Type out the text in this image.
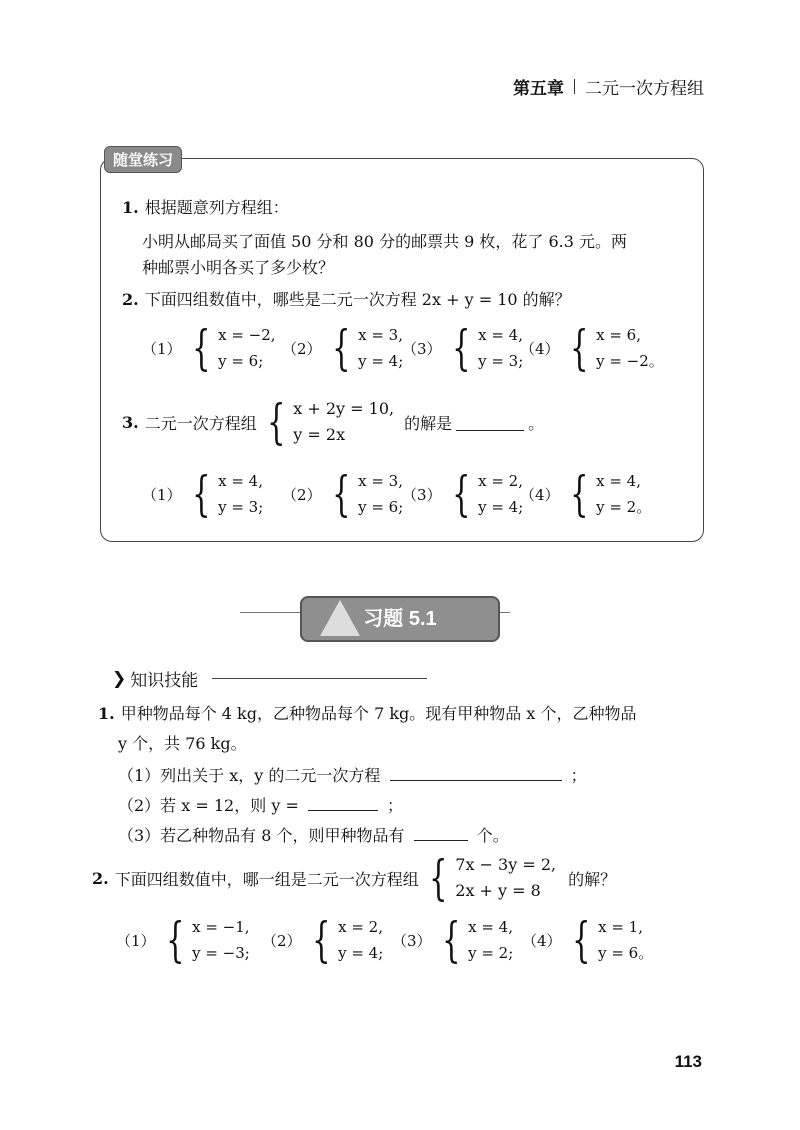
第五章 二元一次方程组
随堂练习
1. 根据题意列方程组：
小明从邮局买了面值 50 分和 80 分的邮票共 9 枚，花了 6.3 元。两
种邮票小明各买了多少枚？
2. 下面四组数值中，哪些是二元一次方程 2x + y = 10 的解？
（1） { x = −2,
y = 6;
（2） { x = 3,
y = 4;
（3） { x = 4,
y = 3;
（4） { x = 6,
y = −2。
3. 二元一次方程组 { x + 2y = 10,
y = 2x
的解是	。
（1） { x = 4,
y = 3;
（2） { x = 3,
y = 6;
（3） { x = 2,
y = 4;
（4） { x = 4,
y = 2。
习题 5.1
❯ 知识技能
1. 甲种物品每个 4 kg，乙种物品每个 7 kg。现有甲种物品 x 个，乙种物品
y 个，共 76 kg。
（1）列出关于 x，y 的二元一次方程	；
（2）若 x = 12，则 y =	；
（3）若乙种物品有 8 个，则甲种物品有	个。
2. 下面四组数值中，哪一组是二元一次方程组 { 7x − 3y = 2,
2x + y = 8
的解？
（1） { x = −1,
y = −3;
（2） { x = 2,
y = 4;
（3） { x = 4,
y = 2;
（4） { x = 1,
y = 6。
113
